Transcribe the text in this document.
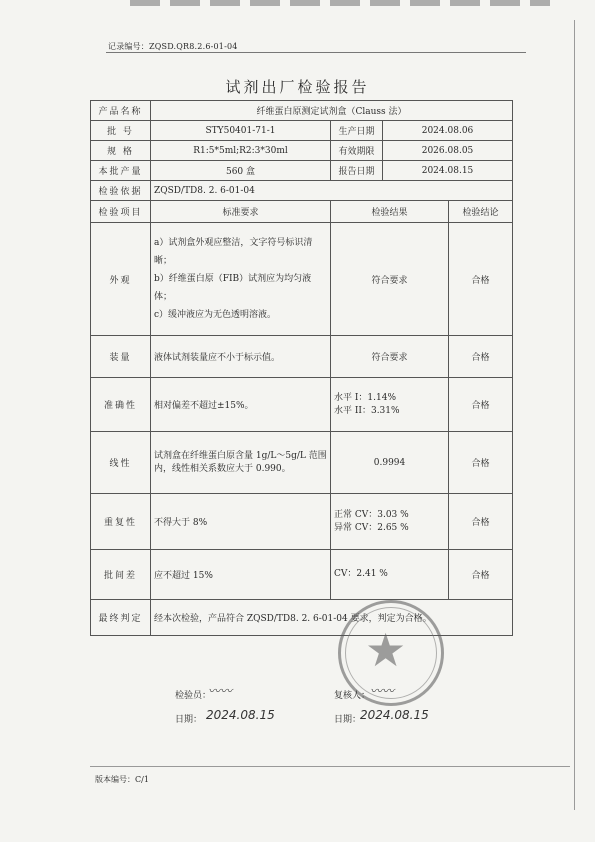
记录编号：ZQSD.QR8.2.6-01-04
试剂出厂检验报告
产品名称	纤维蛋白原测定试剂盒（Clauss 法）			
批 号	STY50401-71-1	生产日期	2024.08.06	
规 格	R1:5*5ml;R2:3*30ml	有效期限	2026.08.05	
本批产量	560 盒	报告日期	2024.08.15	
检验依据	ZQSD/TD8. 2. 6-01-04			
检验项目	标准要求	检验结果		检验结论
外观	a）试剂盒外观应整洁，文字符号标识清晰；
b）纤维蛋白原（FIB）试剂应为均匀液体；
c）缓冲液应为无色透明溶液。	符合要求		合格
装量	液体试剂装量应不小于标示值。	符合要求		合格
准确性	相对偏差不超过±15%。	水平 I：1.14%
水平 II：3.31%		合格
线性	试剂盒在纤维蛋白原含量 1g/L～5g/L 范围内，线性相关系数应大于 0.990。	0.9994		合格
重复性	不得大于 8%	正常 CV：3.03 %
异常 CV：2.65 %		合格
批间差	应不超过 15%	CV：2.41 %		合格
最终判定	经本次检验，产品符合 ZQSD/TD8. 2. 6-01-04 要求，判定为合格。			
★
检验员：
〰〰
日期： 2024.08.15
复核人： 〰〰
日期：
2024.08.15
版本编号：C/1
